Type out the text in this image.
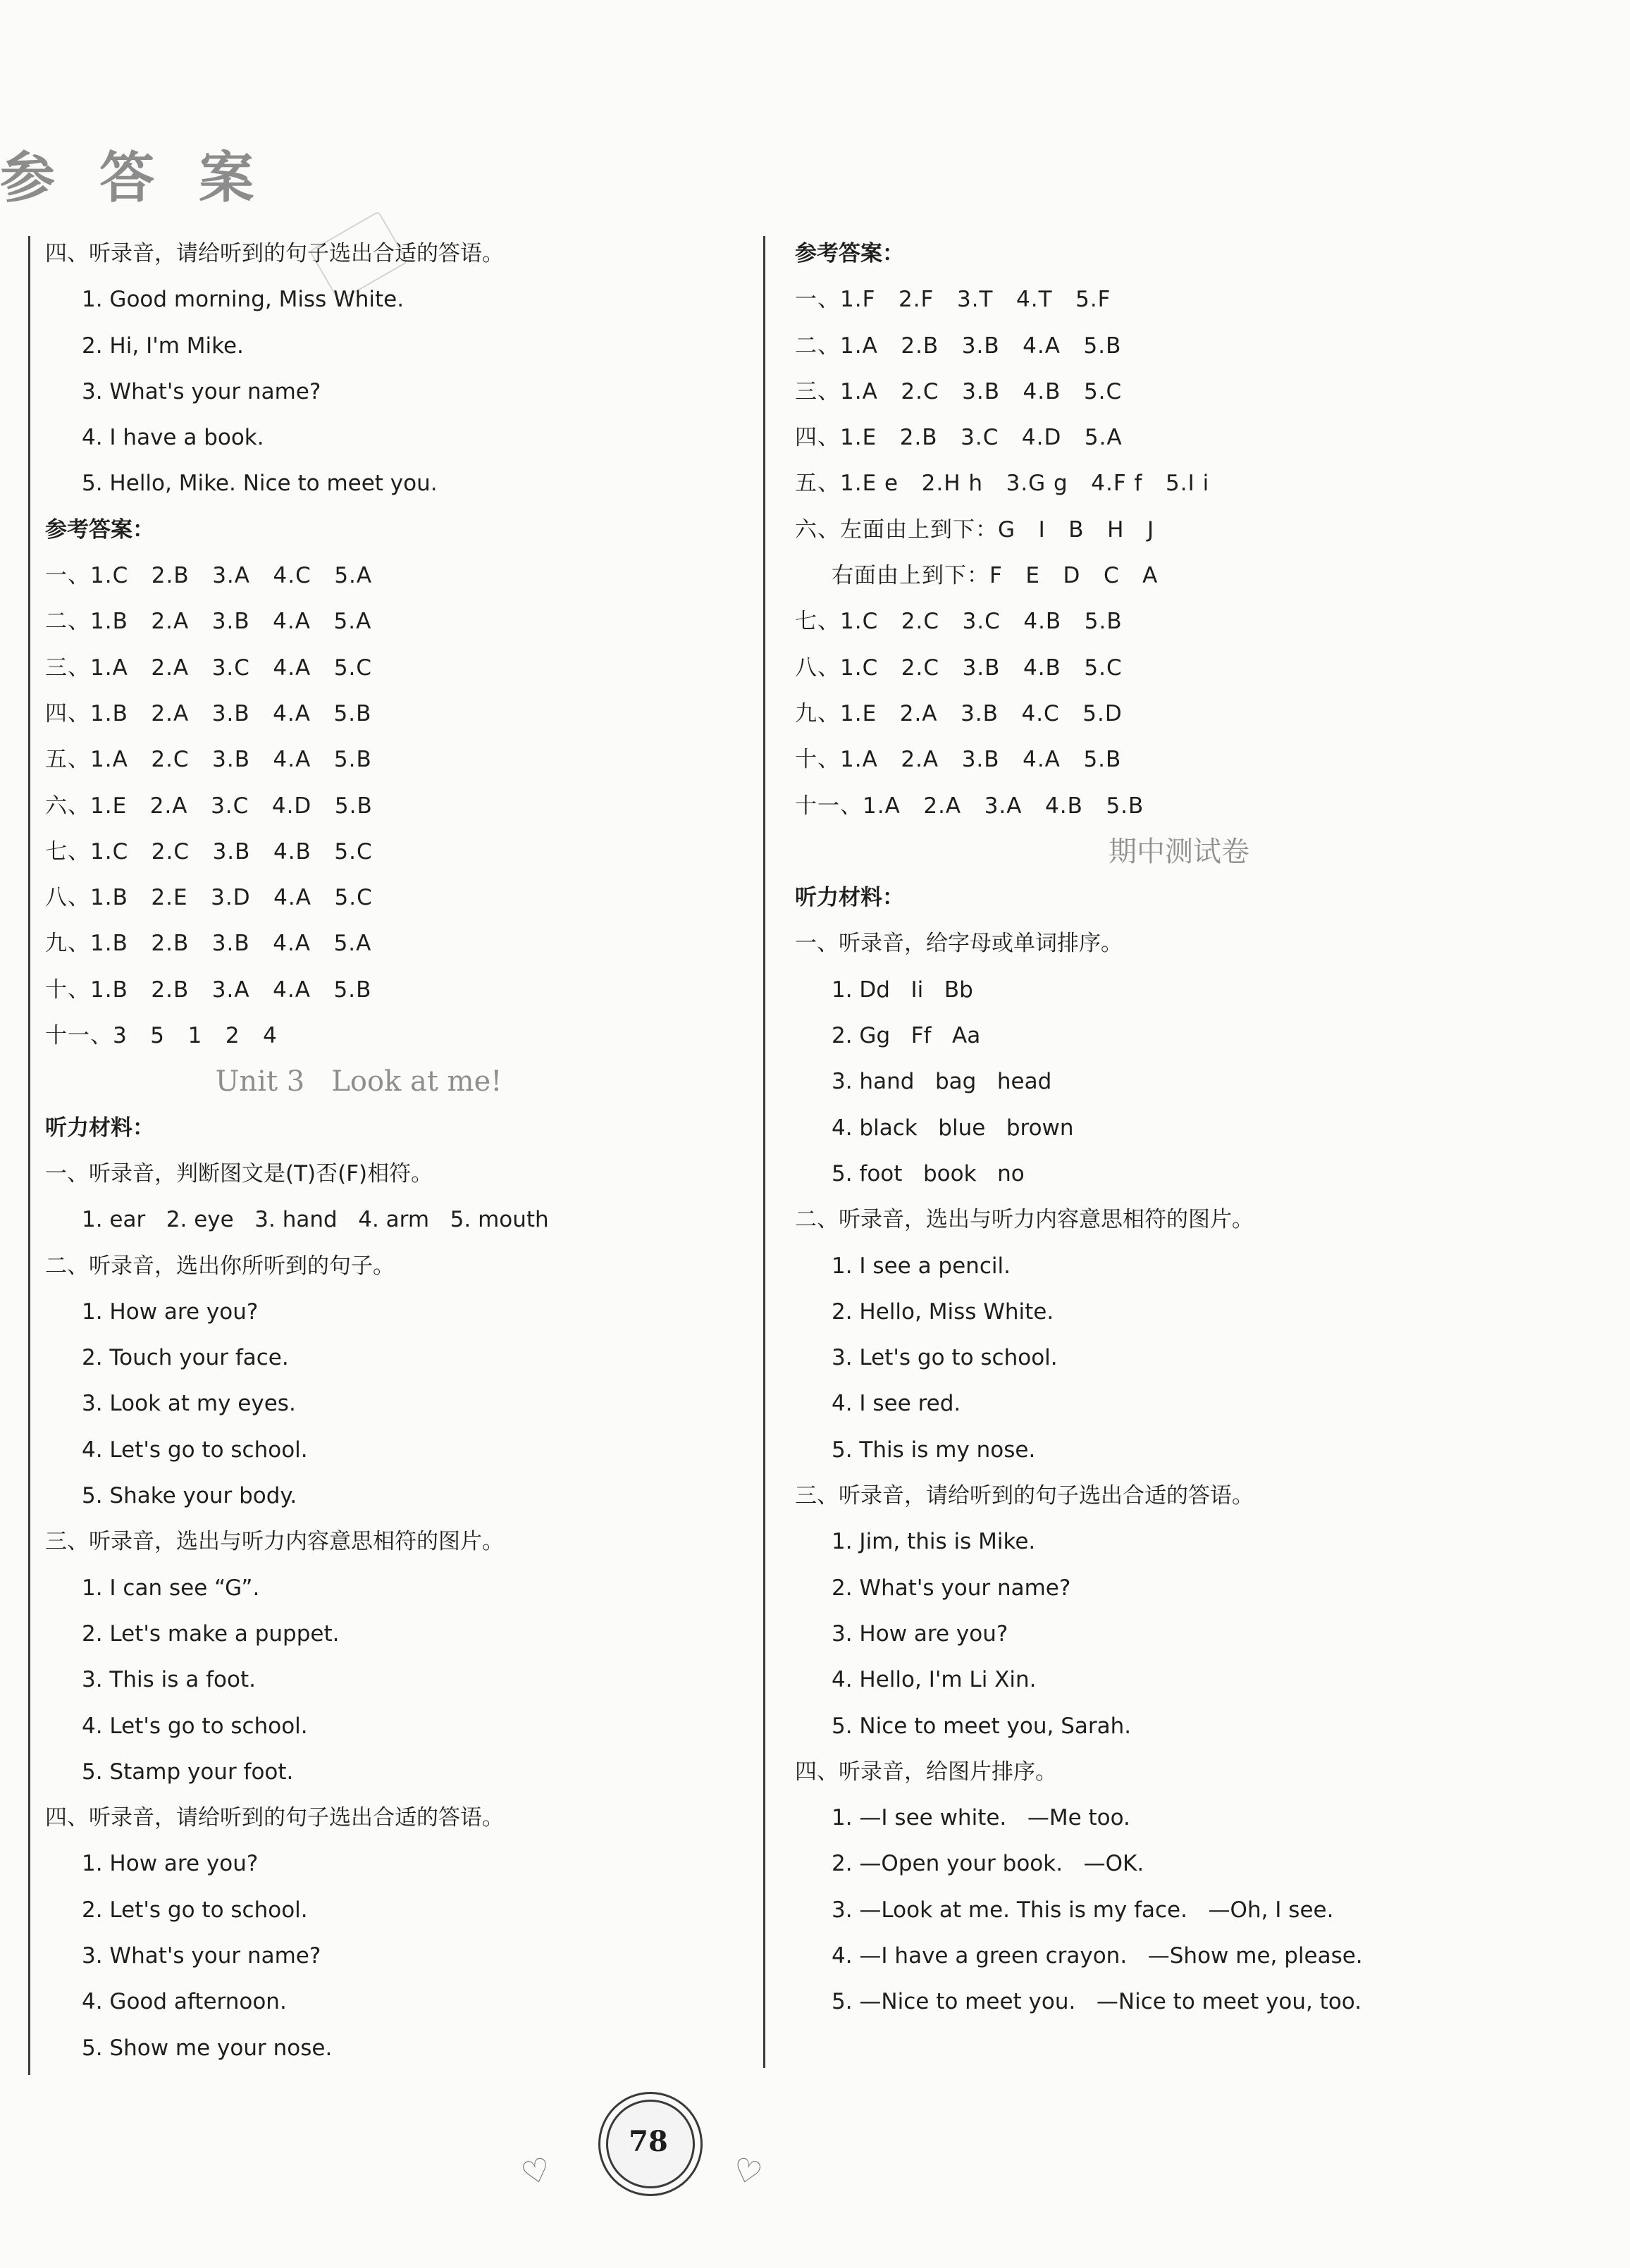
参 答 案
四、听录音，请给听到的句子选出合适的答语。
1. Good morning, Miss White.
2. Hi, I'm Mike.
3. What's your name?
4. I have a book.
5. Hello, Mike. Nice to meet you.
参考答案：
一、1.C   2.B   3.A   4.C   5.A
二、1.B   2.A   3.B   4.A   5.A
三、1.A   2.A   3.C   4.A   5.C
四、1.B   2.A   3.B   4.A   5.B
五、1.A   2.C   3.B   4.A   5.B
六、1.E   2.A   3.C   4.D   5.B
七、1.C   2.C   3.B   4.B   5.C
八、1.B   2.E   3.D   4.A   5.C
九、1.B   2.B   3.B   4.A   5.A
十、1.B   2.B   3.A   4.A   5.B
十一、3   5   1   2   4
Unit 3   Look at me!
听力材料：
一、听录音，判断图文是(T)否(F)相符。
1. ear   2. eye   3. hand   4. arm   5. mouth
二、听录音，选出你所听到的句子。
1. How are you?
2. Touch your face.
3. Look at my eyes.
4. Let's go to school.
5. Shake your body.
三、听录音，选出与听力内容意思相符的图片。
1. I can see “G”.
2. Let's make a puppet.
3. This is a foot.
4. Let's go to school.
5. Stamp your foot.
四、听录音，请给听到的句子选出合适的答语。
1. How are you?
2. Let's go to school.
3. What's your name?
4. Good afternoon.
5. Show me your nose.
参考答案：
一、1.F   2.F   3.T   4.T   5.F
二、1.A   2.B   3.B   4.A   5.B
三、1.A   2.C   3.B   4.B   5.C
四、1.E   2.B   3.C   4.D   5.A
五、1.E e   2.H h   3.G g   4.F f   5.I i
六、左面由上到下：G   I   B   H   J
右面由上到下：F   E   D   C   A
七、1.C   2.C   3.C   4.B   5.B
八、1.C   2.C   3.B   4.B   5.C
九、1.E   2.A   3.B   4.C   5.D
十、1.A   2.A   3.B   4.A   5.B
十一、1.A   2.A   3.A   4.B   5.B
期中测试卷
听力材料：
一、听录音，给字母或单词排序。
1. Dd   Ii   Bb
2. Gg   Ff   Aa
3. hand   bag   head
4. black   blue   brown
5. foot   book   no
二、听录音，选出与听力内容意思相符的图片。
1. I see a pencil.
2. Hello, Miss White.
3. Let's go to school.
4. I see red.
5. This is my nose.
三、听录音，请给听到的句子选出合适的答语。
1. Jim, this is Mike.
2. What's your name?
3. How are you?
4. Hello, I'm Li Xin.
5. Nice to meet you, Sarah.
四、听录音，给图片排序。
1. —I see white.   —Me too.
2. —Open your book.   —OK.
3. —Look at me. This is my face.   —Oh, I see.
4. —I have a green crayon.   —Show me, please.
5. —Nice to meet you.   —Nice to meet you, too.
♡
78
♡
